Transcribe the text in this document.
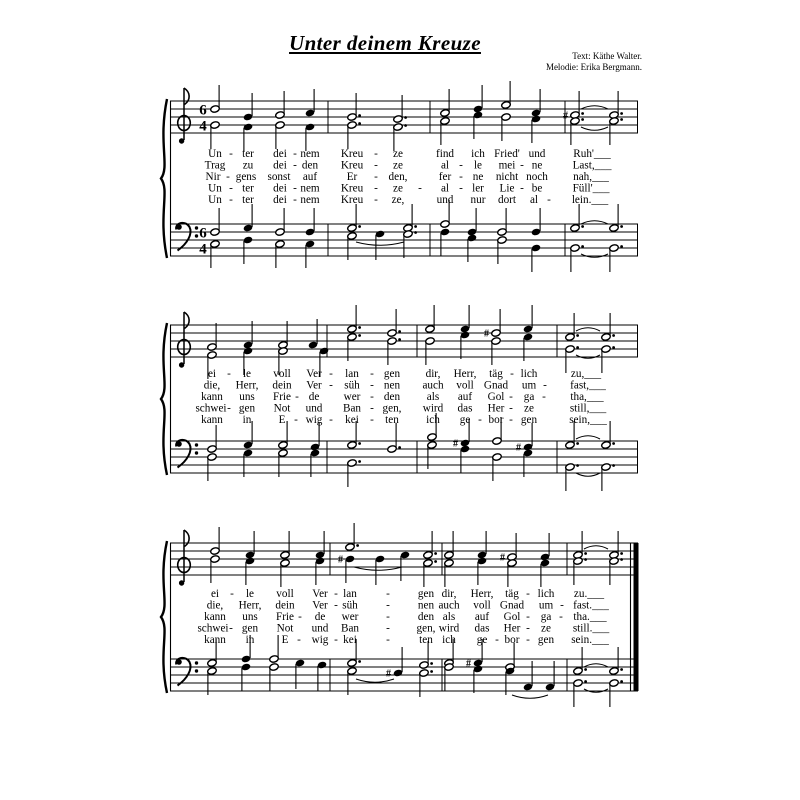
Unter deinem Kreuze
Text: Käthe Walter.
Melodie: Erika Bergmann.
6
4
6
4
#
Un - ter dei - nem Kreu - ze	find ich Fried' und Ruh'___
Trag zu dei - den Kreu - ze	al - le mei - ne	Last,___
Nir - gens sonst auf	Er - den,	fer - ne nicht noch nah,___
Un - ter dei - nem Kreu - ze - al - ler Lie - be	Füll'___
Un - ter dei - nem Kreu - ze,	und nur dort al - lein.___
#
#	#
ei - le voll Ver - lan - gen dir, Herr, täg - lich	zu,___
die, Herr, dein Ver - süh - nen auch voll Gnad um - fast,___
kann uns Frie - de wer - den als auf Gol - ga - tha,___
schwei - gen Not und Ban - gen, wird das Her - ze	still,___
kann in E - wig - kei - ten ich ge - bor - gen	sein,___
#	#
#
#
ei - le voll Ver - lan	-	gen dir, Herr, täg - lich zu.___
die, Herr, dein Ver - süh	-	nen auch voll Gnad um - fast.___
kann uns Frie - de wer -	den als auf Gol - ga - tha.___
schwei - gen Not und Ban - gen, wird das Her - ze still.___
kann in E - wig - kei	-	ten ich ge - bor - gen sein.___
